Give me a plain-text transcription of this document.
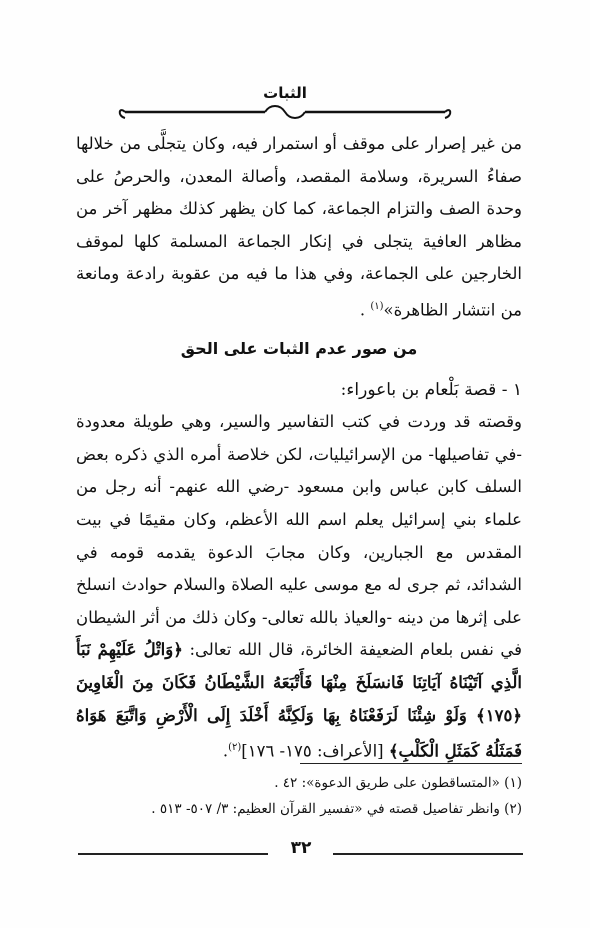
الثبات

من غير إصرار على موقف أو استمرار فيه، وكان يتجلَّى من خلالها صفاءُ السريرة، وسلامة المقصد، وأصالة المعدن، والحرصُ على وحدة الصف والتزام الجماعة، كما كان يظهر كذلك مظهر آخر من مظاهر العافية يتجلى في إنكار الجماعة المسلمة كلها لموقف الخارجين على الجماعة، وفي هذا ما فيه من عقوبة رادعة ومانعة من انتشار الظاهرة»$^{(١)}$ .

من صور عدم الثبات على الحق

١ - قصة بَلْعام بن باعوراء:

وقصته قد وردت في كتب التفاسير والسير، وهي طويلة معدودة -في تفاصيلها- من الإسرائيليات، لكن خلاصة أمره الذي ذكره بعض السلف كابن عباس وابن مسعود -رضي الله عنهم- أنه رجل من علماء بني إسرائيل يعلم اسم الله الأعظم، وكان مقيمًا في بيت المقدس مع الجبارين، وكان مجابَ الدعوة يقدمه قومه في الشدائد، ثم جرى له مع موسى عليه الصلاة والسلام حوادث انسلخ على إثرها من دينه -والعياذ بالله تعالى- وكان ذلك من أثر الشيطان في نفس بلعام الضعيفة الخائرة، قال الله تعالى: ﴿وَاتْلُ عَلَيْهِمْ نَبَأَ الَّذِي آتَيْنَاهُ آيَاتِنَا فَانسَلَخَ مِنْهَا فَأَتْبَعَهُ الشَّيْطَانُ فَكَانَ مِنَ الْغَاوِينَ ﴿١٧٥﴾ وَلَوْ شِئْنَا لَرَفَعْنَاهُ بِهَا وَلَكِنَّهُ أَخْلَدَ إِلَى الْأَرْضِ وَاتَّبَعَ هَوَاهُ فَمَثَلُهُ كَمَثَلِ الْكَلْبِ﴾ [الأعراف: ١٧٥- ١٧٦]$^{(٢)}$.

(١) «المتساقطون على طريق الدعوة»: ٤٢ .
(٢) وانظر تفاصيل قصته في «تفسير القرآن العظيم: ٣/ ٥٠٧- ٥١٣ .
٣٢
